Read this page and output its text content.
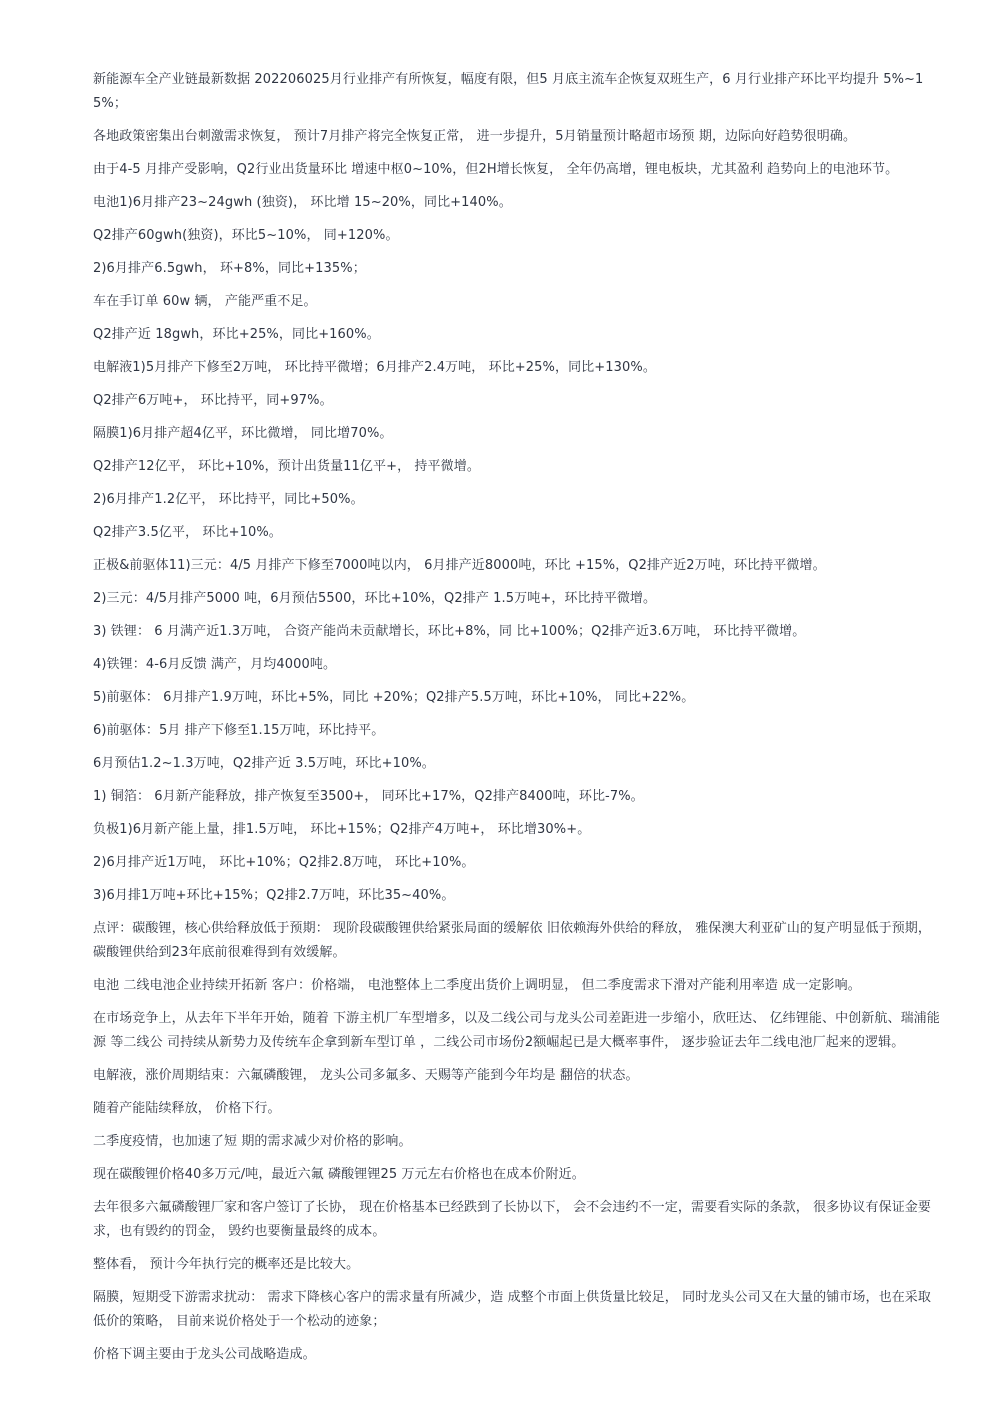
新能源车全产业链最新数据 202206025月行业排产有所恢复，幅度有限，但5 月底主流车企恢复双班生产，6 月行业排产环比平均提升 5%~15%；

各地政策密集出台刺激需求恢复， 预计7月排产将完全恢复正常， 进一步提升，5月销量预计略超市场预 期，边际向好趋势很明确。

由于4-5 月排产受影响，Q2行业出货量环比 增速中枢0~10%，但2H增长恢复， 全年仍高增，锂电板块，尤其盈利 趋势向上的电池环节。

电池1)6月排产23~24gwh (独资)， 环比增 15~20%，同比+140%。

Q2排产60gwh(独资)，环比5~10%， 同+120%。

2)6月排产6.5gwh， 环+8%，同比+135%；

车在手订单 60w 辆， 产能严重不足。

Q2排产近 18gwh，环比+25%，同比+160%。

电解液1)5月排产下修至2万吨， 环比持平微增；6月排产2.4万吨， 环比+25%，同比+130%。

Q2排产6万吨+， 环比持平，同+97%。

隔膜1)6月排产超4亿平，环比微增， 同比增70%。

Q2排产12亿平， 环比+10%，预计出货量11亿平+， 持平微增。

2)6月排产1.2亿平， 环比持平，同比+50%。

Q2排产3.5亿平， 环比+10%。

正极&前驱体11)三元：4/5 月排产下修至7000吨以内， 6月排产近8000吨，环比 +15%，Q2排产近2万吨，环比持平微增。

2)三元：4/5月排产5000 吨，6月预估5500，环比+10%，Q2排产 1.5万吨+，环比持平微增。

3) 铁锂： 6 月满产近1.3万吨， 合资产能尚未贡献增长，环比+8%，同 比+100%；Q2排产近3.6万吨， 环比持平微增。

4)铁锂：4-6月反馈 满产，月均4000吨。

5)前驱体： 6月排产1.9万吨，环比+5%，同比 +20%；Q2排产5.5万吨，环比+10%， 同比+22%。

6)前驱体：5月 排产下修至1.15万吨，环比持平。

6月预估1.2~1.3万吨，Q2排产近 3.5万吨，环比+10%。

1) 铜箔： 6月新产能释放，排产恢复至3500+， 同环比+17%，Q2排产8400吨，环比-7%。

负极1)6月新产能上量，排1.5万吨， 环比+15%；Q2排产4万吨+， 环比增30%+。

2)6月排产近1万吨， 环比+10%；Q2排2.8万吨， 环比+10%。

3)6月排1万吨+环比+15%；Q2排2.7万吨，环比35~40%。

点评：碳酸锂，核心供给释放低于预期： 现阶段碳酸锂供给紧张局面的缓解依 旧依赖海外供给的释放， 雅保澳大利亚矿山的复产明显低于预期，碳酸锂供给到23年底前很难得到有效缓解。

电池 二线电池企业持续开拓新 客户：价格端， 电池整体上二季度出货价上调明显， 但二季度需求下滑对产能利用率造 成一定影响。

在市场竞争上，从去年下半年开始，随着 下游主机厂车型增多，以及二线公司与龙头公司差距进一步缩小，欣旺达、 亿纬锂能、中创新航、瑞浦能源 等二线公 司持续从新势力及传统车企拿到新车型订单 ，二线公司市场份2额崛起已是大概率事件， 逐步验证去年二线电池厂起来的逻辑。

电解液，涨价周期结束：六氟磷酸锂， 龙头公司多氟多、天赐等产能到今年均是 翻倍的状态。

随着产能陆续释放， 价格下行。

二季度疫情，也加速了短 期的需求减少对价格的影响。

现在碳酸锂价格40多万元/吨，最近六氟 磷酸锂锂25 万元左右价格也在成本价附近。

去年很多六氟磷酸锂厂家和客户签订了长协， 现在价格基本已经跌到了长协以下， 会不会违约不一定，需要看实际的条款， 很多协议有保证金要求，也有毁约的罚金， 毁约也要衡量最终的成本。

整体看， 预计今年执行完的概率还是比较大。

隔膜，短期受下游需求扰动： 需求下降核心客户的需求量有所减少，造 成整个市面上供货量比较足， 同时龙头公司又在大量的铺市场，也在采取低价的策略， 目前来说价格处于一个松动的迹象；

价格下调主要由于龙头公司战略造成。
